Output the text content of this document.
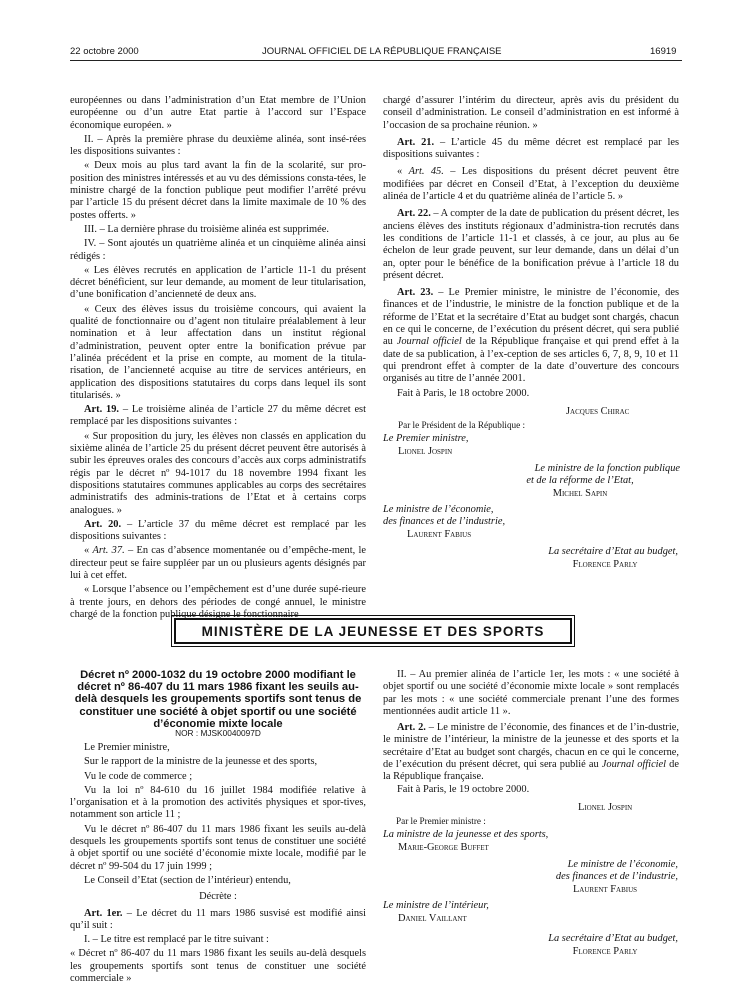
22 octobre 2000	JOURNAL OFFICIEL DE LA RÉPUBLIQUE FRANÇAISE	16919

européennes ou dans l’administration d’un Etat membre de l’Union européenne ou d’un autre Etat partie à l’accord sur l’Espace économique européen. »

II. – Après la première phrase du deuxième alinéa, sont insé-rées les dispositions suivantes :

« Deux mois au plus tard avant la fin de la scolarité, sur pro-position des ministres intéressés et au vu des démissions consta-tées, le ministre chargé de la fonction publique peut modifier l’arrêté prévu par l’article 15 du présent décret dans la limite maximale de 10 % des postes offerts. »

III. – La dernière phrase du troisième alinéa est supprimée.

IV. – Sont ajoutés un quatrième alinéa et un cinquième alinéa ainsi rédigés :

« Les élèves recrutés en application de l’article 11-1 du présent décret bénéficient, sur leur demande, au moment de leur titularisation, d’une bonification d’ancienneté de deux ans.

« Ceux des élèves issus du troisième concours, qui avaient la qualité de fonctionnaire ou d’agent non titulaire préalablement à leur nomination et à leur affectation dans un institut régional d’administration, peuvent opter entre la bonification prévue par l’alinéa précédent et la prise en compte, au moment de la titula-risation, de l’ancienneté acquise au titre de services antérieurs, en application des dispositions statutaires du corps dans lequel ils sont titularisés. »

Art. 19. – Le troisième alinéa de l’article 27 du même décret est remplacé par les dispositions suivantes :

« Sur proposition du jury, les élèves non classés en application du sixième alinéa de l’article 25 du présent décret peuvent être autorisés à subir les épreuves orales des concours d’accès aux corps administratifs régis par le décret nº 94-1017 du 18 novembre 1994 fixant les dispositions statutaires communes applicables au corps des secrétaires administratifs des adminis-trations de l’Etat et à certains corps analogues. »

Art. 20. – L’article 37 du même décret est remplacé par les dispositions suivantes :

« Art. 37. – En cas d’absence momentanée ou d’empêche-ment, le directeur peut se faire suppléer par un ou plusieurs agents désignés par lui à cet effet.

« Lorsque l’absence ou l’empêchement est d’une durée supé-rieure à trente jours, en dehors des périodes de congé annuel, le ministre chargé de la fonction publique désigne le fonctionnaire

chargé d’assurer l’intérim du directeur, après avis du président du conseil d’administration. Le conseil d’administration en est informé à l’occasion de sa prochaine réunion. »

Art. 21. – L’article 45 du même décret est remplacé par les dispositions suivantes :

« Art. 45. – Les dispositions du présent décret peuvent être modifiées par décret en Conseil d’Etat, à l’exception du deuxième alinéa de l’article 4 et du quatrième alinéa de l’article 5. »

Art. 22. – A compter de la date de publication du présent décret, les anciens élèves des instituts régionaux d’administra-tion recrutés dans les conditions de l’article 11-1 et classés, à ce jour, au plus au 6e échelon de leur grade peuvent, sur leur demande, dans un délai d’un an, opter pour le bénéfice de la bonification prévue à l’article 18 du présent décret.

Art. 23. – Le Premier ministre, le ministre de l’économie, des finances et de l’industrie, le ministre de la fonction publique et de la réforme de l’Etat et la secrétaire d’Etat au budget sont chargés, chacun en ce qui le concerne, de l’exécution du présent décret, qui sera publié au Journal officiel de la République française et qui prend effet à la date de sa publication, à l’ex-ception de ses articles 6, 7, 8, 9, 10 et 11 qui prendront effet à compter de la date d’ouverture des concours organisés au titre de l’année 2001.

Fait à Paris, le 18 octobre 2000.
Jacques Chirac
Par le Président de la République :
Le Premier ministre,
Lionel Jospin
Le ministre de la fonction publique
et de la réforme de l’Etat,
Michel Sapin
Le ministre de l’économie,
des finances et de l’industrie,
Laurent Fabius
La secrétaire d’Etat au budget,
Florence Parly
MINISTÈRE DE LA JEUNESSE ET DES SPORTS
Décret nº 2000-1032 du 19 octobre 2000 modifiant le décret nº 86-407 du 11 mars 1986 fixant les seuils au-delà desquels les groupements sportifs sont tenus de constituer une société à objet sportif ou une société d’économie mixte locale
NOR : MJSK0040097D

Le Premier ministre,

Sur le rapport de la ministre de la jeunesse et des sports,

Vu le code de commerce ;

Vu la loi nº 84-610 du 16 juillet 1984 modifiée relative à l’organisation et à la promotion des activités physiques et spor-tives, notamment son article 11 ;

Vu le décret nº 86-407 du 11 mars 1986 fixant les seuils au-delà desquels les groupements sportifs sont tenus de constituer une société à objet sportif ou une société d’économie mixte locale, modifié par le décret nº 99-504 du 17 juin 1999 ;

Le Conseil d’Etat (section de l’intérieur) entendu,

Décrète :

Art. 1er. – Le décret du 11 mars 1986 susvisé est modifié ainsi qu’il suit :

I. – Le titre est remplacé par le titre suivant :

« Décret nº 86-407 du 11 mars 1986 fixant les seuils au-delà desquels les groupements sportifs sont tenus de constituer une société commerciale »

II. – Au premier alinéa de l’article 1er, les mots : « une société à objet sportif ou une société d’économie mixte locale » sont remplacés par les mots : « une société commerciale prenant l’une des formes mentionnées audit article 11 ».

Art. 2. – Le ministre de l’économie, des finances et de l’in-dustrie, le ministre de l’intérieur, la ministre de la jeunesse et des sports et la secrétaire d’Etat au budget sont chargés, chacun en ce qui le concerne, de l’exécution du présent décret, qui sera publié au Journal officiel de la République française.

Fait à Paris, le 19 octobre 2000.
Lionel Jospin
Par le Premier ministre :
La ministre de la jeunesse et des sports,
Marie-George Buffet
Le ministre de l’économie,
des finances et de l’industrie,
Laurent Fabius
Le ministre de l’intérieur,
Daniel Vaillant
La secrétaire d’Etat au budget,
Florence Parly
